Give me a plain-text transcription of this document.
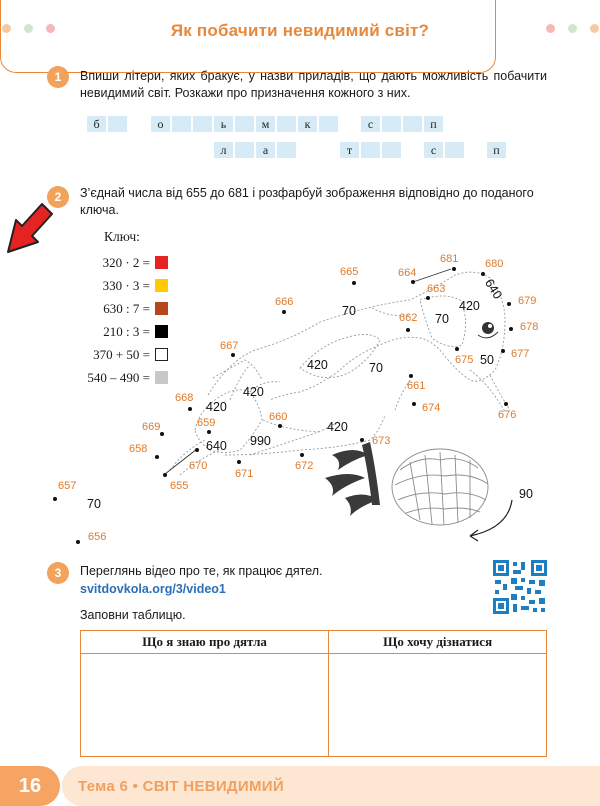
Як побачити невидимий світ?
1	Впиши літери, яких бракує, у назви приладів, що дають можливість побачити невидимий світ. Розкажи про призначення кожного з них.
б	о	ь	м	к	с	п
л	а	т	с	п
2	З’єднай числа від 655 до 681 і розфарбуй зображення відповідно до поданого ключа.
Ключ:
320 · 2 =
330 · 3 =
630 : 7 =
210 : 3 =
370 + 50 =
540 – 490 =
655
656
657
658
659	660
661
662
663
664
665
666
667
668
669
670
671
672
673
674
675
676
677
678
679
680
681
70
70
70
70
420
420
420
420
420
640
640 990
50
90
3	Переглянь відео про те, як працює дятел.
svitdovkola.org/3/video1
Заповни таблицю.
Що я знаю про дятла	Що хочу дізнатися

16	Тема 6 • СВІТ НЕВИДИМИЙ
